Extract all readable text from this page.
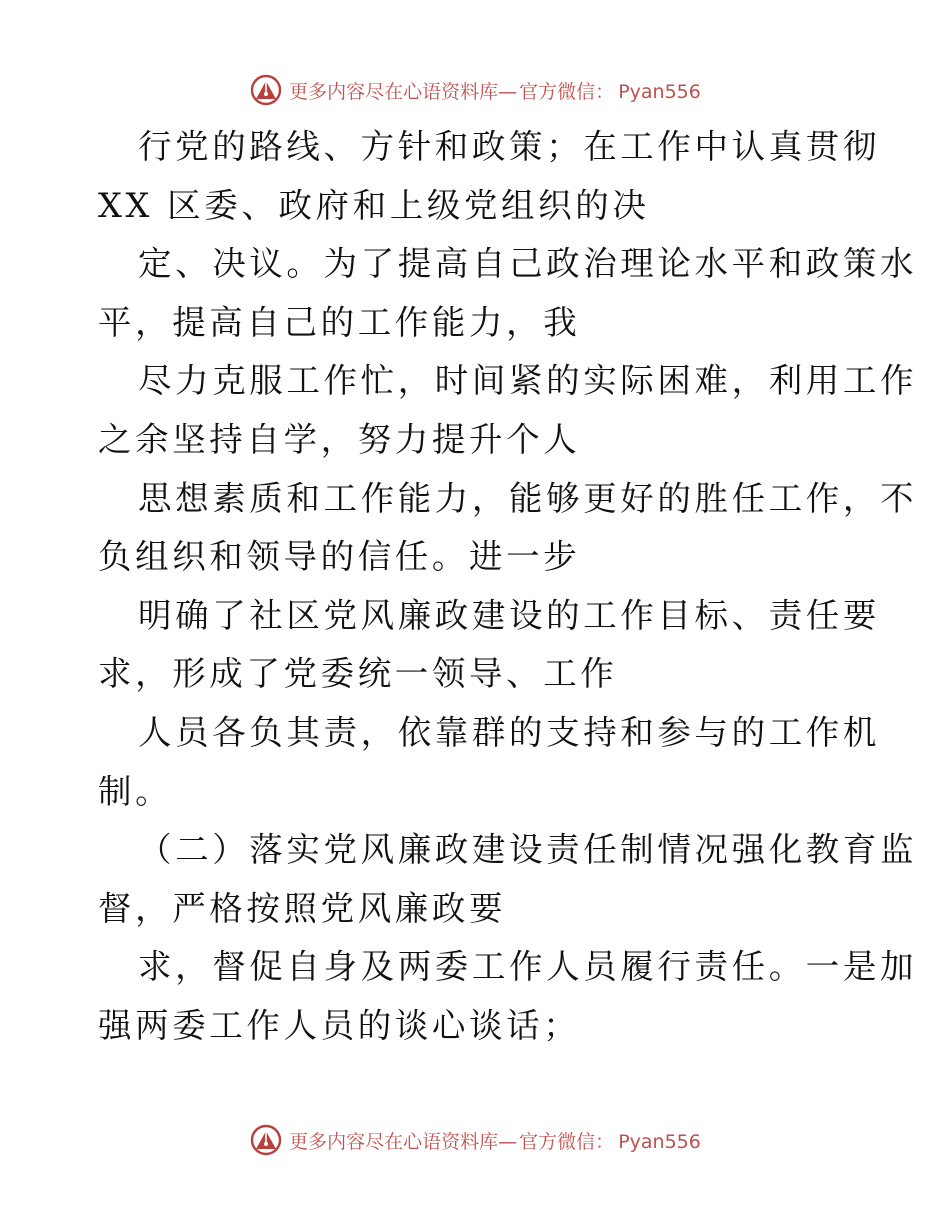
更多内容尽在心语资料库— 官方微信： Pyan556
行党的路线、方针和政策；在工作中认真贯彻
XX 区委、政府和上级党组织的决
定、决议。为了提高自己政治理论水平和政策水
平，提高自己的工作能力，我
尽力克服工作忙，时间紧的实际困难，利用工作
之余坚持自学，努力提升个人
思想素质和工作能力，能够更好的胜任工作，不
负组织和领导的信任。进一步
明确了社区党风廉政建设的工作目标、责任要
求，形成了党委统一领导、工作
人员各负其责，依靠群的支持和参与的工作机
制。
（二）落实党风廉政建设责任制情况强化教育监
督，严格按照党风廉政要
求，督促自身及两委工作人员履行责任。一是加
强两委工作人员的谈心谈话；
更多内容尽在心语资料库— 官方微信： Pyan556
